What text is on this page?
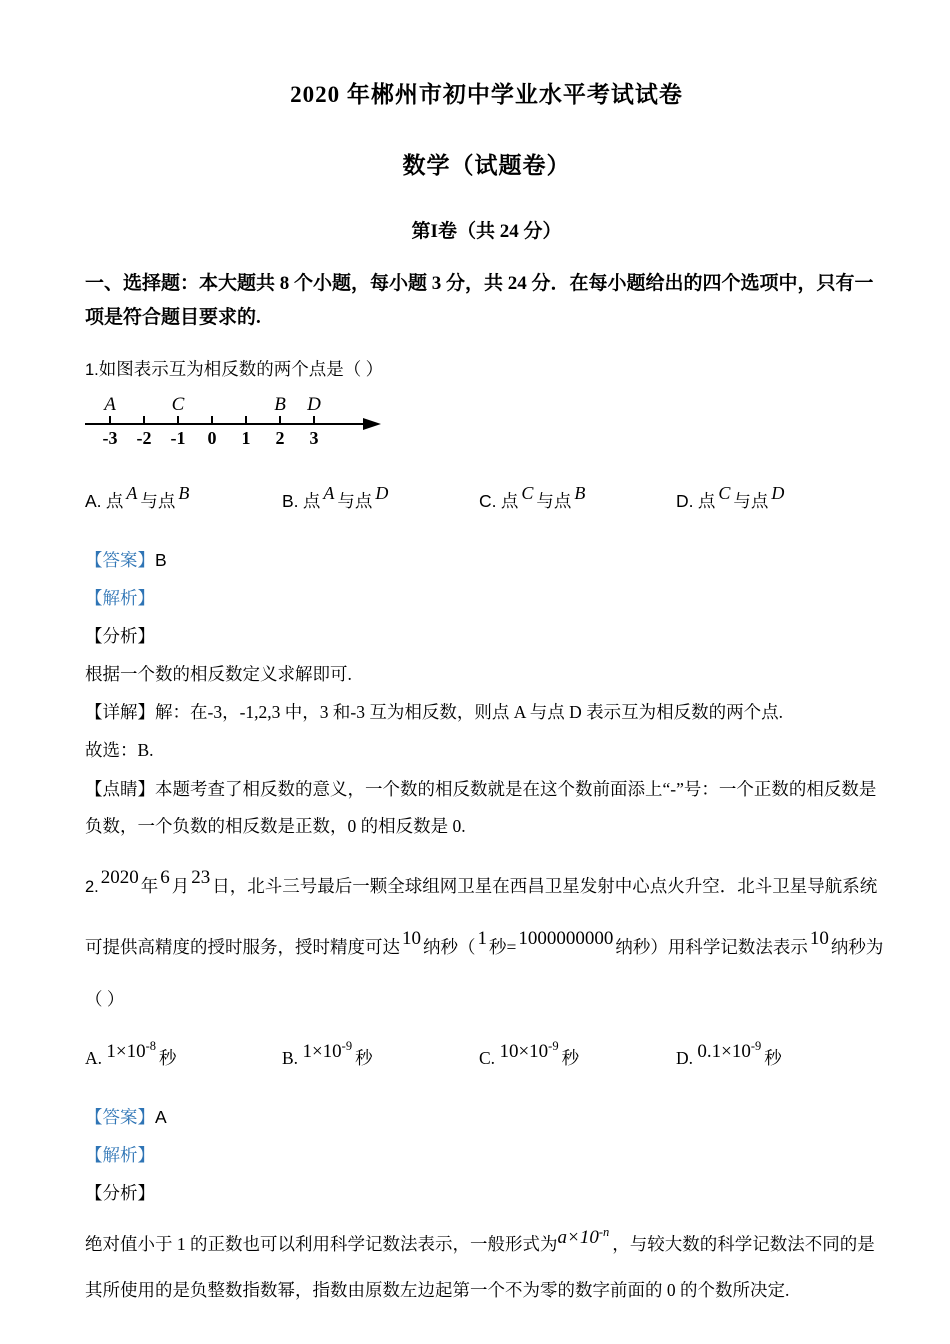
2020 年郴州市初中学业水平考试试卷
数学（试题卷）
第I卷（共 24 分）
一、选择题：本大题共 8 个小题，每小题 3 分，共 24 分．在每小题给出的四个选项中，只有一项是符合题目要求的.
1.如图表示互为相反数的两个点是（ ）
-3 -2 -1 0 1 2 3
A	C	B D
A. 点 A 与点 B	B. 点 A 与点 D	C. 点 C 与点 B	D. 点 C 与点 D
【答案】B
【解析】
【分析】
根据一个数的相反数定义求解即可.
【详解】解：在-3，-1,2,3 中，3 和-3 互为相反数，则点 A 与点 D 表示互为相反数的两个点.
故选：B.
【点睛】本题考查了相反数的意义，一个数的相反数就是在这个数前面添上“-”号：一个正数的相反数是负数，一个负数的相反数是正数，0 的相反数是 0.
2. 2020 年 6 月 23 日，北斗三号最后一颗全球组网卫星在西昌卫星发射中心点火升空．北斗卫星导航系统
可提供高精度的授时服务，授时精度可达 10 纳秒（ 1 秒= 1000000000 纳秒）用科学记数法表示 10 纳秒为
（ ）
A. $1\times 10^{-8}$秒	B. $1\times 10^{-9}$秒	C. $10\times 10^{-9}$秒	D. $0.1\times 10^{-9}$秒
【答案】A
【解析】
【分析】
绝对值小于 1 的正数也可以利用科学记数法表示，一般形式为$a\times 10^{-n}$，与较大数的科学记数法不同的是其所使用的是负整数指数幂，指数由原数左边起第一个不为零的数字前面的 0 的个数所决定.
